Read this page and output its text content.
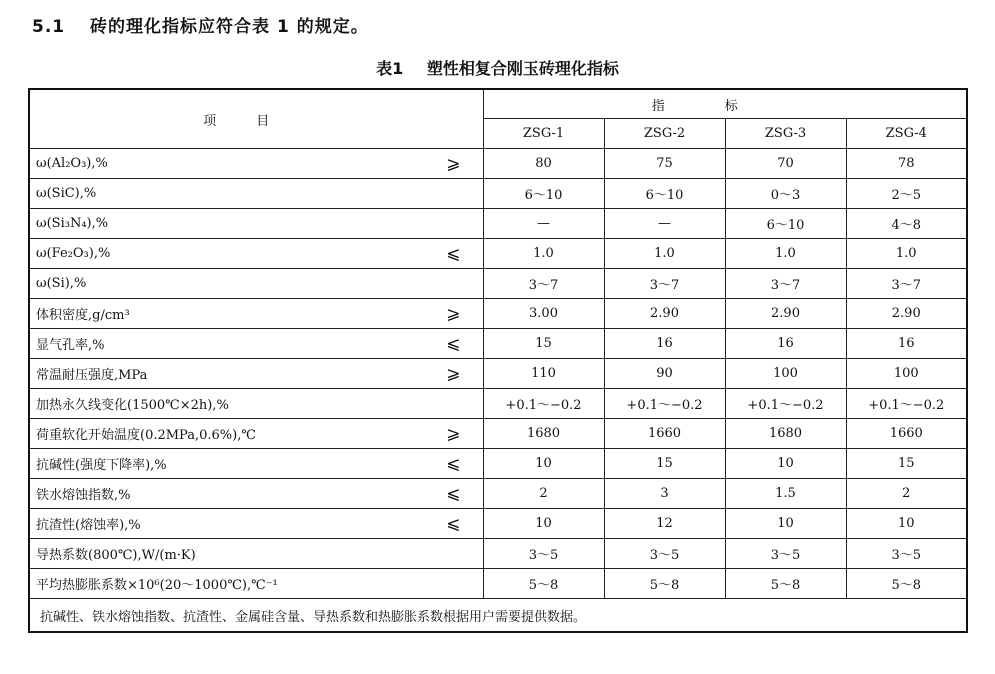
5.1 砖的理化指标应符合表 1 的规定。
表1 塑性相复合刚玉砖理化指标
项目	指标			
	ZSG-1	ZSG-2	ZSG-3	ZSG-4
ω(Al₂O₃),% ⩾	80	75	70	78
ω(SiC),%	6～10	6～10	0～3	2～5
ω(Si₃N₄),%	—	—	6～10	4～8
ω(Fe₂O₃),% ⩽	1.0	1.0	1.0	1.0
ω(Si),%	3～7	3～7	3～7	3～7
体积密度,g/cm³ ⩾	3.00	2.90	2.90	2.90
显气孔率,% ⩽	15	16	16	16
常温耐压强度,MPa ⩾	110	90	100	100
加热永久线变化(1500℃×2h),%	+0.1～−0.2	+0.1～−0.2	+0.1～−0.2	+0.1～−0.2
荷重软化开始温度(0.2MPa,0.6%),℃ ⩾	1680	1660	1680	1660
抗碱性(强度下降率),% ⩽	10	15	10	15
铁水熔蚀指数,% ⩽	2	3	1.5	2
抗渣性(熔蚀率),% ⩽	10	12	10	10
导热系数(800℃),W/(m·K)	3～5	3～5	3～5	3～5
平均热膨胀系数×10⁶(20～1000℃),℃⁻¹	5～8	5～8	5～8	5～8
抗碱性、铁水熔蚀指数、抗渣性、金属硅含量、导热系数和热膨胀系数根据用户需要提供数据。				
